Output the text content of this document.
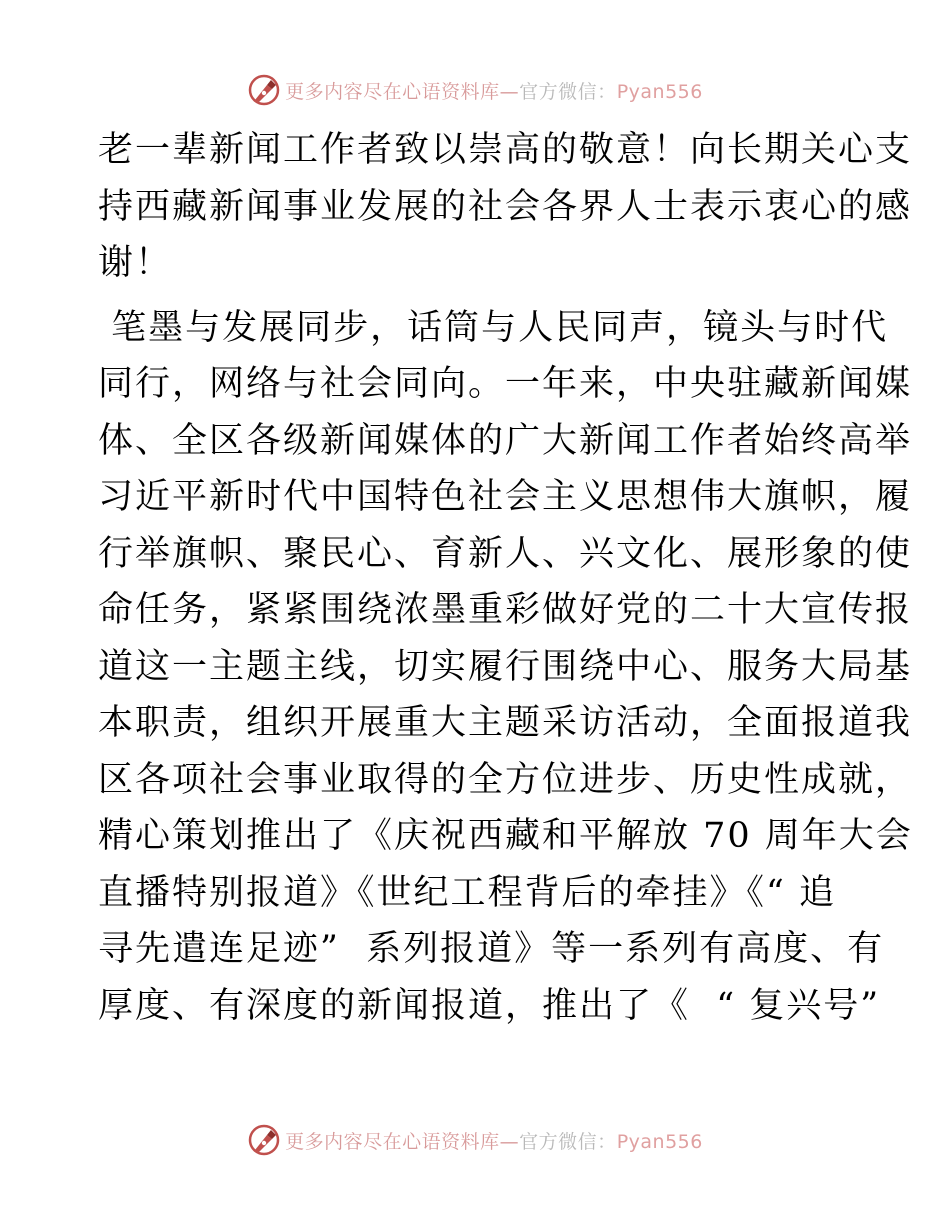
更多内容尽在心语资料库—官方微信：Pyan556

老一辈新闻工作者致以崇高的敬意！向长期关心支
持西藏新闻事业发展的社会各界人士表示衷心的感
谢！

笔墨与发展同步，话筒与人民同声，镜头与时代
同行，网络与社会同向。一年来，中央驻藏新闻媒
体、全区各级新闻媒体的广大新闻工作者始终高举
习近平新时代中国特色社会主义思想伟大旗帜，履
行举旗帜、聚民心、育新人、兴文化、展形象的使
命任务，紧紧围绕浓墨重彩做好党的二十大宣传报
道这一主题主线，切实履行围绕中心、服务大局基
本职责，组织开展重大主题采访活动，全面报道我
区各项社会事业取得的全方位进步、历史性成就，
精心策划推出了《庆祝西藏和平解放 70 周年大会
直播特别报道》《世纪工程背后的牵挂》《“ 追
寻先遣连足迹”  系列报道》等一系列有高度、有
厚度、有深度的新闻报道，推出了《  “ 复兴号”

更多内容尽在心语资料库—官方微信：Pyan556
